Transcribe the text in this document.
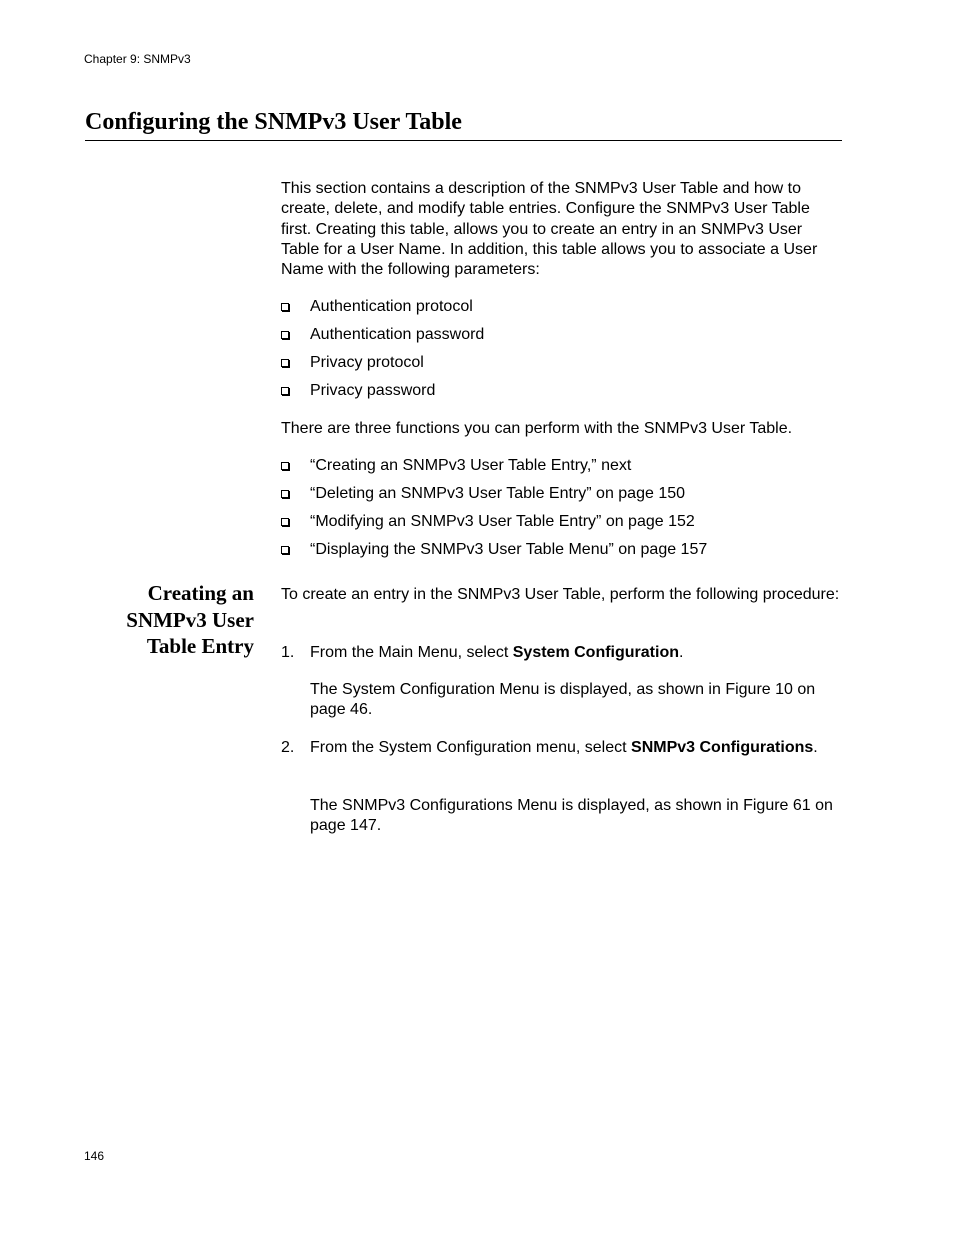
Chapter 9: SNMPv3
Configuring the SNMPv3 User Table

This section contains a description of the SNMPv3 User Table and how to create, delete, and modify table entries. Configure the SNMPv3 User Table first. Creating this table, allows you to create an entry in an SNMPv3 User Table for a User Name. In addition, this table allows you to associate a User Name with the following parameters:

Authentication protocol
Authentication password
Privacy protocol
Privacy password

There are three functions you can perform with the SNMPv3 User Table.

“Creating an SNMPv3 User Table Entry,” next
“Deleting an SNMPv3 User Table Entry” on page 150
“Modifying an SNMPv3 User Table Entry” on page 152
“Displaying the SNMPv3 User Table Menu” on page 157
Creating an
SNMPv3 User
Table Entry

To create an entry in the SNMPv3 User Table, perform the following procedure:

1. From the Main Menu, select System Configuration.

The System Configuration Menu is displayed, as shown in Figure 10 on page 46.

2. From the System Configuration menu, select SNMPv3 Configurations.

The SNMPv3 Configurations Menu is displayed, as shown in Figure 61 on page 147.

146
